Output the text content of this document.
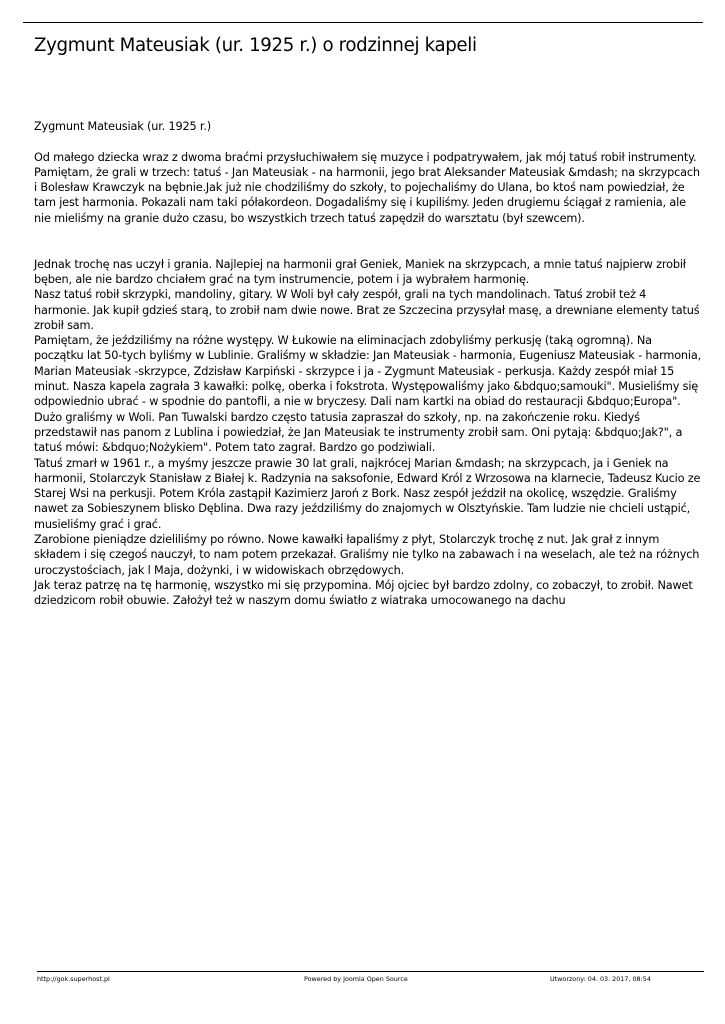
Zygmunt Mateusiak (ur. 1925 r.) o rodzinnej kapeli

Zygmunt Mateusiak (ur. 1925 r.)

Od małego dziecka wraz z dwoma braćmi przysłuchiwałem się muzyce i podpatrywałem, jak mój tatuś robił instrumenty. Pamiętam, że grali w trzech: tatuś - Jan Mateusiak - na harmonii, jego brat Aleksander Mateusiak &mdash; na skrzypcach i Bolesław Krawczyk na bębnie.Jak już nie chodziliśmy do szkoły, to pojechaliśmy do Ulana, bo ktoś nam powiedział, że tam jest harmonia. Pokazali nam taki półakordeon. Dogadaliśmy się i kupiliśmy. Jeden drugiemu ściągał z ramienia, ale nie mieliśmy na granie dużo czasu, bo wszystkich trzech tatuś zapędził do warsztatu (był szewcem).

Jednak trochę nas uczył i grania. Najlepiej na harmonii grał Geniek, Maniek na skrzypcach, a mnie tatuś najpierw zrobił bęben, ale nie bardzo chciałem grać na tym instrumencie, potem i ja wybrałem harmonię.

Nasz tatuś robił skrzypki, mandoliny, gitary. W Woli był cały zespół, grali na tych mandolinach. Tatuś zrobił też 4 harmonie. Jak kupił gdzieś starą, to zrobił nam dwie nowe. Brat ze Szczecina przysyłał masę, a drewniane elementy tatuś zrobił sam.

Pamiętam, że jeździliśmy na różne występy. W Łukowie na eliminacjach zdobyliśmy perkusję (taką ogromną). Na początku lat 50-tych byliśmy w Lublinie. Graliśmy w składzie: Jan Mateusiak - harmonia, Eugeniusz Mateusiak - harmonia, Marian Mateusiak -skrzypce, Zdzisław Karpiński - skrzypce i ja - Zygmunt Mateusiak - perkusja. Każdy zespół miał 15 minut. Nasza kapela zagrała 3 kawałki: polkę, oberka i fokstrota. Występowaliśmy jako &bdquo;samouki". Musieliśmy się odpowiednio ubrać - w spodnie do pantofli, a nie w bryczesy. Dali nam kartki na obiad do restauracji &bdquo;Europa".

Dużo graliśmy w Woli. Pan Tuwalski bardzo często tatusia zapraszał do szkoły, np. na zakończenie roku. Kiedyś przedstawił nas panom z Lublina i powiedział, że Jan Mateusiak te instrumenty zrobił sam. Oni pytają: &bdquo;Jak?", a tatuś mówi: &bdquo;Nożykiem". Potem tato zagrał. Bardzo go podziwiali.

Tatuś zmarł w 1961 r., a myśmy jeszcze prawie 30 lat grali, najkrócej Marian &mdash; na skrzypcach, ja i Geniek na harmonii, Stolarczyk Stanisław z Białej k. Radzynia na saksofonie, Edward Król z Wrzosowa na klarnecie, Tadeusz Kucio ze Starej Wsi na perkusji. Potem Króla zastąpił Kazimierz Jaroń z Bork. Nasz zespół jeździł na okolicę, wszędzie. Graliśmy nawet za Sobieszynem blisko Dęblina. Dwa razy jeździliśmy do znajomych w Olsztyńskie. Tam ludzie nie chcieli ustąpić, musieliśmy grać i grać.

Zarobione pieniądze dzieliliśmy po równo. Nowe kawałki łapaliśmy z płyt, Stolarczyk trochę z nut. Jak grał z innym składem i się czegoś nauczył, to nam potem przekazał. Graliśmy nie tylko na zabawach i na weselach, ale też na różnych uroczystościach, jak l Maja, dożynki, i w widowiskach obrzędowych.

Jak teraz patrzę na tę harmonię, wszystko mi się przypomina. Mój ojciec był bardzo zdolny, co zobaczył, to zrobił. Nawet dziedzicom robił obuwie. Założył też w naszym domu światło z wiatraka umocowanego na dachu

http://gok.superhost.pl	Powered by Joomla Open Source	Utworzony: 04. 03. 2017, 08:54
